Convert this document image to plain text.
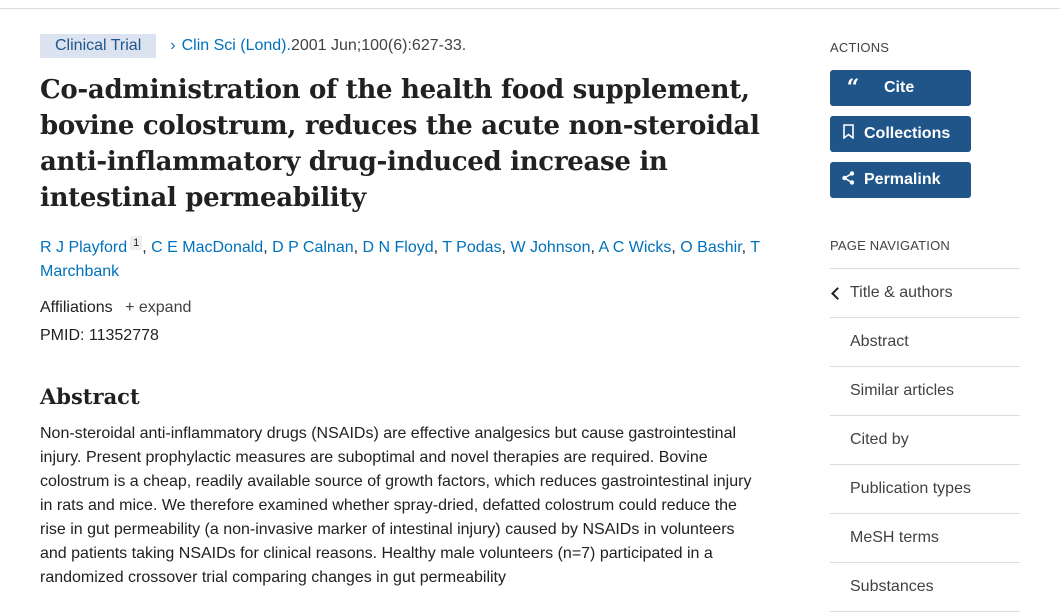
Clinical Trial	› Clin Sci (Lond). 2001 Jun;100(6):627-33.
Co-administration of the health food supplement, bovine colostrum, reduces the acute non-steroidal anti-inflammatory drug-induced increase in intestinal permeability
R J Playford 1 , C E MacDonald, D P Calnan, D N Floyd, T Podas, W Johnson, A C Wicks, O Bashir, T Marchbank
Affiliations + expand
PMID: 11352778
Abstract

Non-steroidal anti-inflammatory drugs (NSAIDs) are effective analgesics but cause gastrointestinal injury. Present prophylactic measures are suboptimal and novel therapies are required. Bovine colostrum is a cheap, readily available source of growth factors, which reduces gastrointestinal injury in rats and mice. We therefore examined whether spray-dried, defatted colostrum could reduce the rise in gut permeability (a non-invasive marker of intestinal injury) caused by NSAIDs in volunteers and patients taking NSAIDs for clinical reasons. Healthy male volunteers (n=7) participated in a randomized crossover trial comparing changes in gut permeability

ACTIONS
“ Cite
Collections
Permalink
PAGE NAVIGATION
Title & authors
Abstract
Similar articles
Cited by
Publication types
MeSH terms
Substances
